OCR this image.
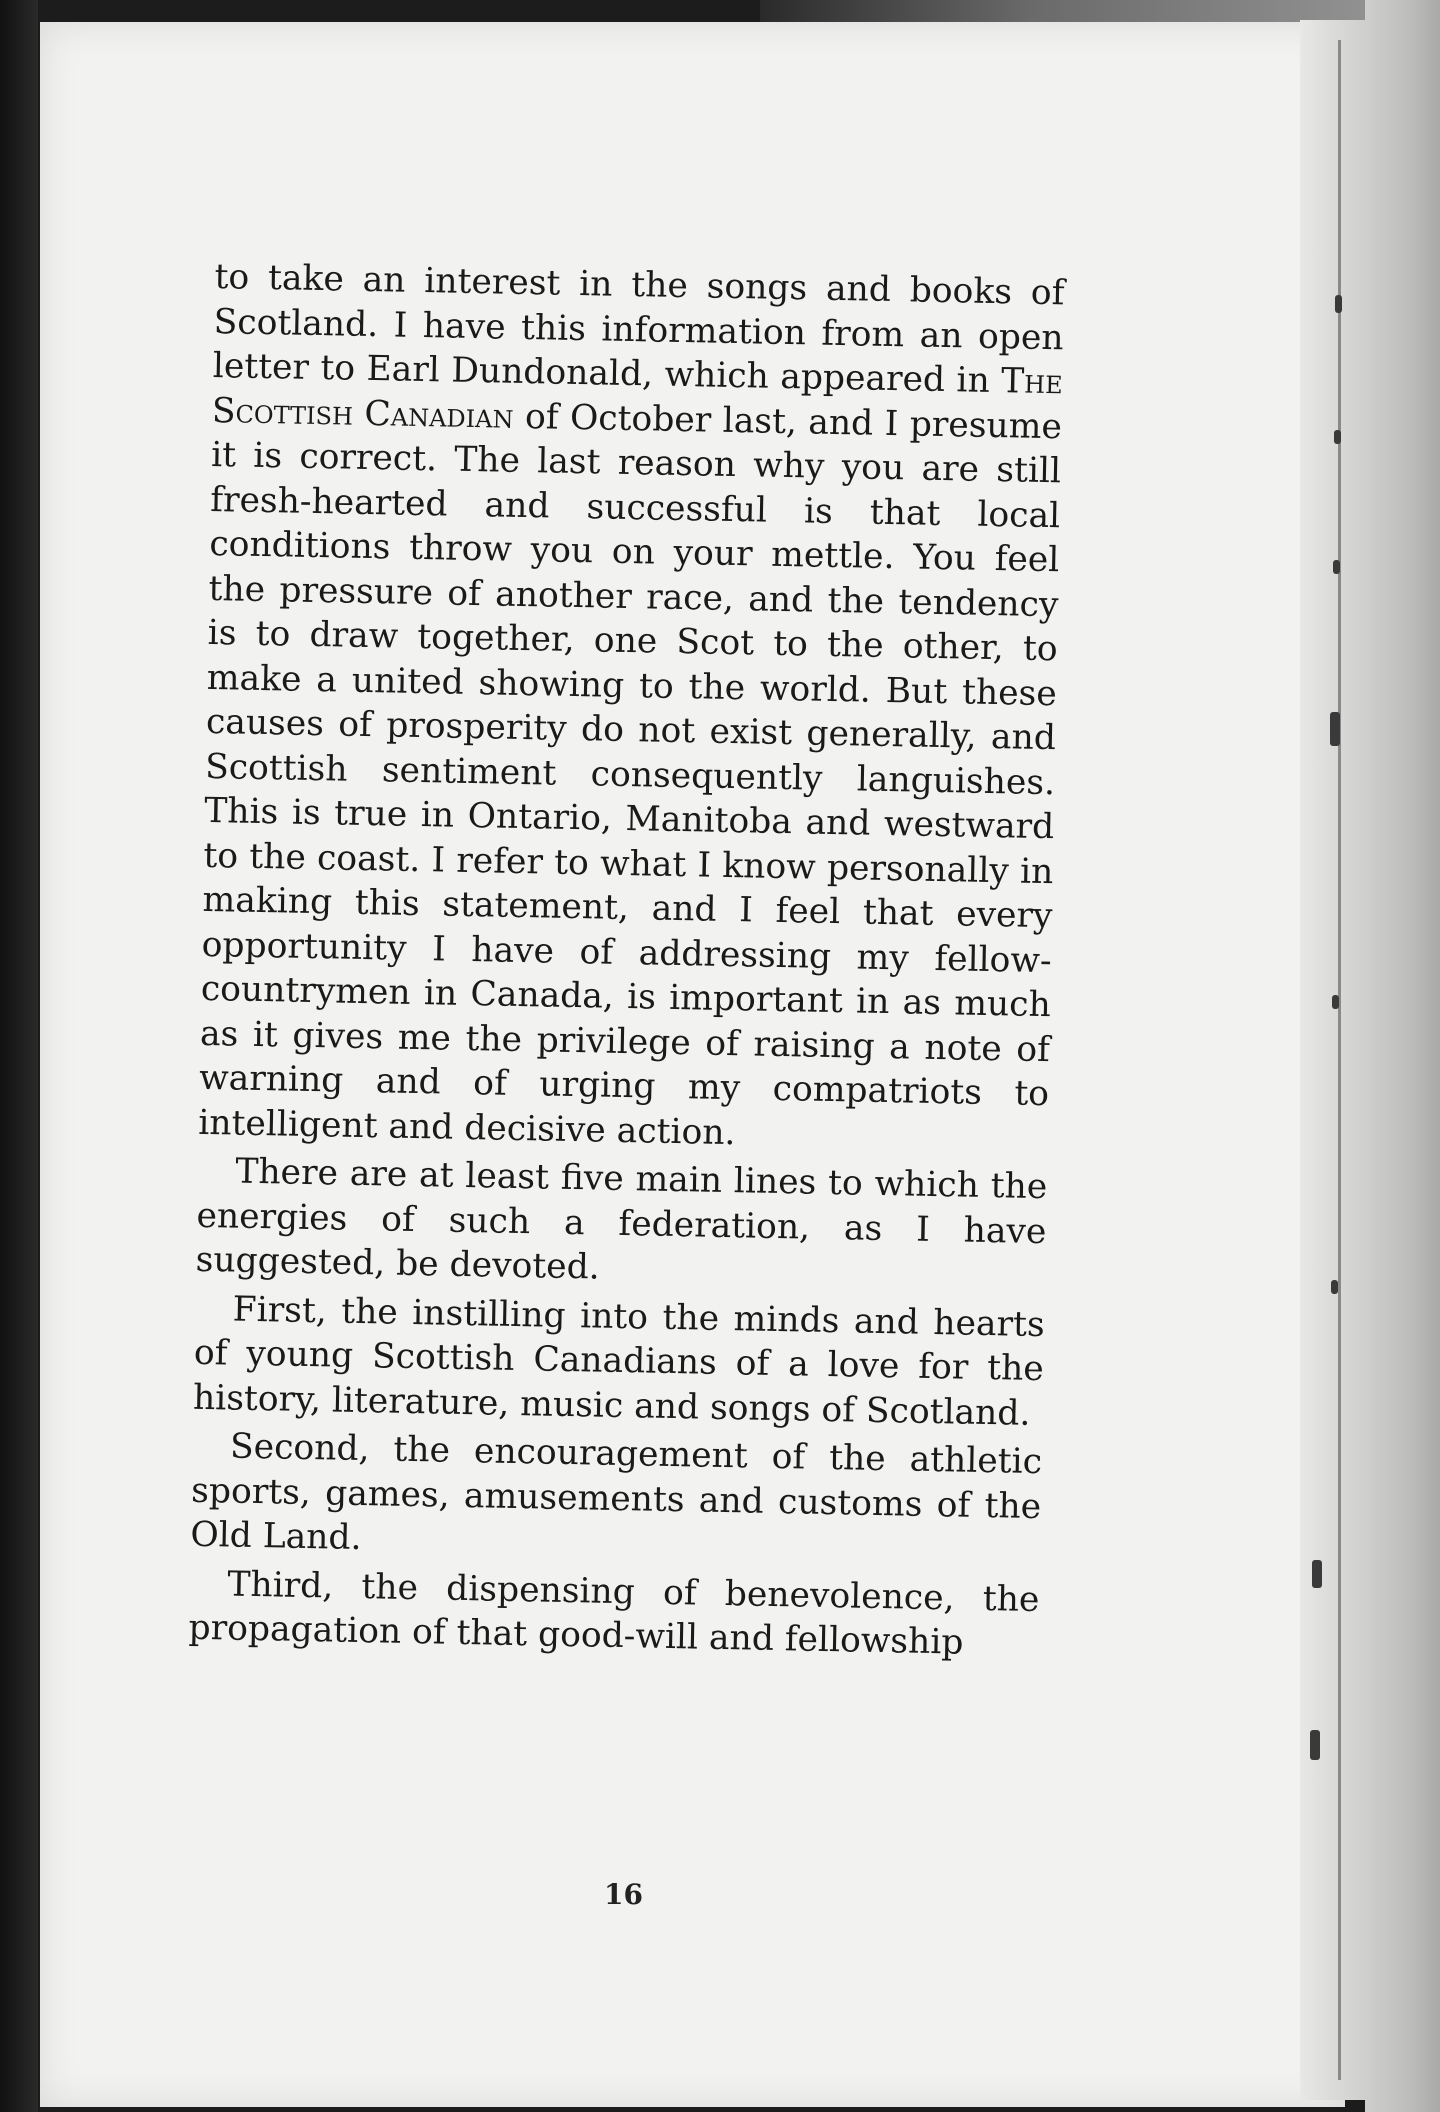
to take an interest in the songs and books of Scotland. I have this information from an open letter to Earl Dundonald, which appeared in The Scottish Canadian of October last, and I presume it is correct. The last reason why you are still fresh-hearted and successful is that local conditions throw you on your mettle. You feel the pressure of another race, and the tendency is to draw together, one Scot to the other, to make a united showing to the world. But these causes of prosperity do not exist generally, and Scottish sentiment consequently languishes. This is true in Ontario, Manitoba and westward to the coast. I refer to what I know personally in making this statement, and I feel that every opportunity I have of addressing my fellow-countrymen in Canada, is important in as much as it gives me the privilege of raising a note of warning and of urging my compatriots to intelligent and decisive action.

There are at least five main lines to which the energies of such a federation, as I have suggested, be devoted.

First, the instilling into the minds and hearts of young Scottish Canadians of a love for the history, literature, music and songs of Scotland.

Second, the encouragement of the athletic sports, games, amusements and customs of the Old Land.

Third, the dispensing of benevolence, the propagation of that good-will and fellowship

16
